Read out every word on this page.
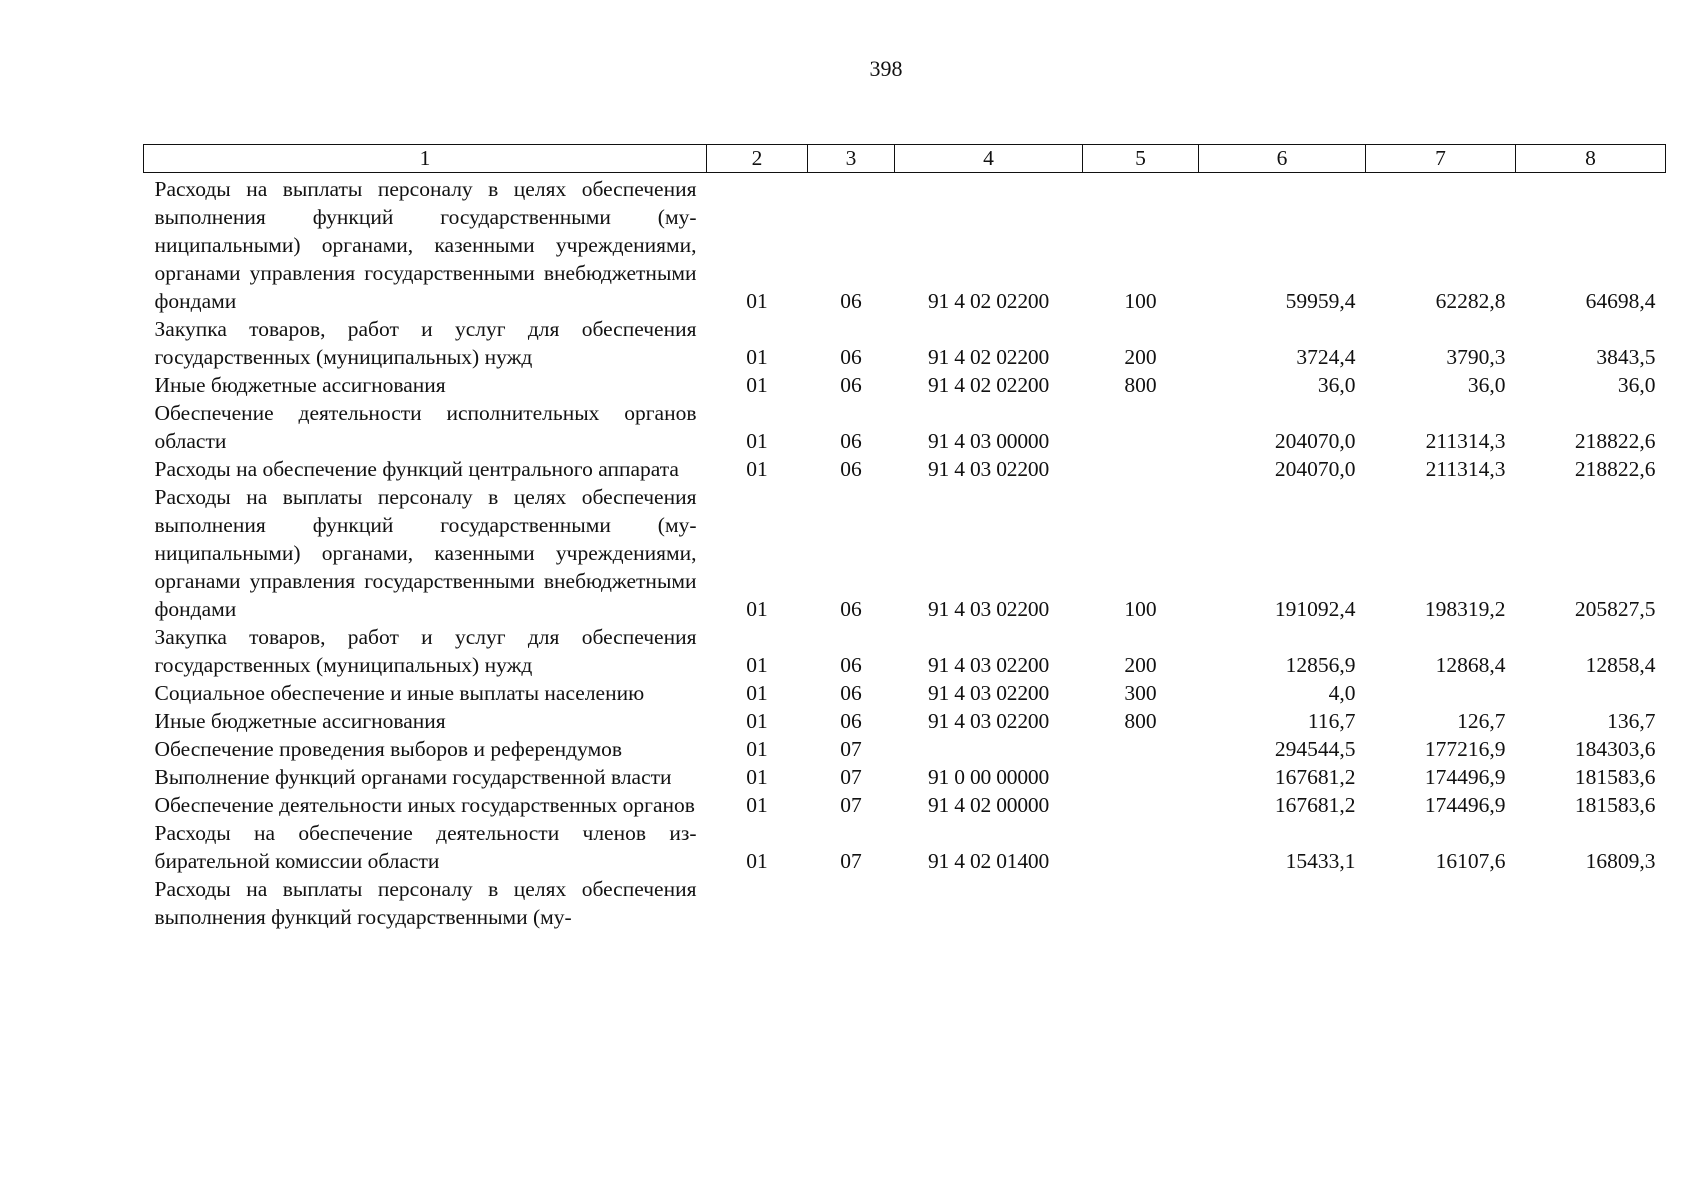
398
1	2	3	4	5	6	7	8
Расходы на выплаты персоналу в целях обеспечения выполнения функций государственными (муниципальными) органами, казенными учреждениями, органами управления государственными внебюджетными фондами	01	06	91 4 02 02200	100	59959,4	62282,8	64698,4
Закупка товаров, работ и услуг для обеспечения государственных (муниципальных) нужд	01	06	91 4 02 02200	200	3724,4	3790,3	3843,5
Иные бюджетные ассигнования	01	06	91 4 02 02200	800	36,0	36,0	36,0
Обеспечение деятельности исполнительных органов области	01	06	91 4 03 00000		204070,0	211314,3	218822,6
Расходы на обеспечение функций центрального аппарата	01	06	91 4 03 02200		204070,0	211314,3	218822,6
Расходы на выплаты персоналу в целях обеспечения выполнения функций государственными (муниципальными) органами, казенными учреждениями, органами управления государственными внебюджетными фондами	01	06	91 4 03 02200	100	191092,4	198319,2	205827,5
Закупка товаров, работ и услуг для обеспечения государственных (муниципальных) нужд	01	06	91 4 03 02200	200	12856,9	12868,4	12858,4
Социальное обеспечение и иные выплаты населению	01	06	91 4 03 02200	300	4,0		
Иные бюджетные ассигнования	01	06	91 4 03 02200	800	116,7	126,7	136,7
Обеспечение проведения выборов и референдумов	01	07			294544,5	177216,9	184303,6
Выполнение функций органами государственной власти	01	07	91 0 00 00000		167681,2	174496,9	181583,6
Обеспечение деятельности иных государственных органов	01	07	91 4 02 00000		167681,2	174496,9	181583,6
Расходы на обеспечение деятельности членов избирательной комиссии области	01	07	91 4 02 01400		15433,1	16107,6	16809,3
Расходы на выплаты персоналу в целях обеспечения выполнения функций государственными (му-							
